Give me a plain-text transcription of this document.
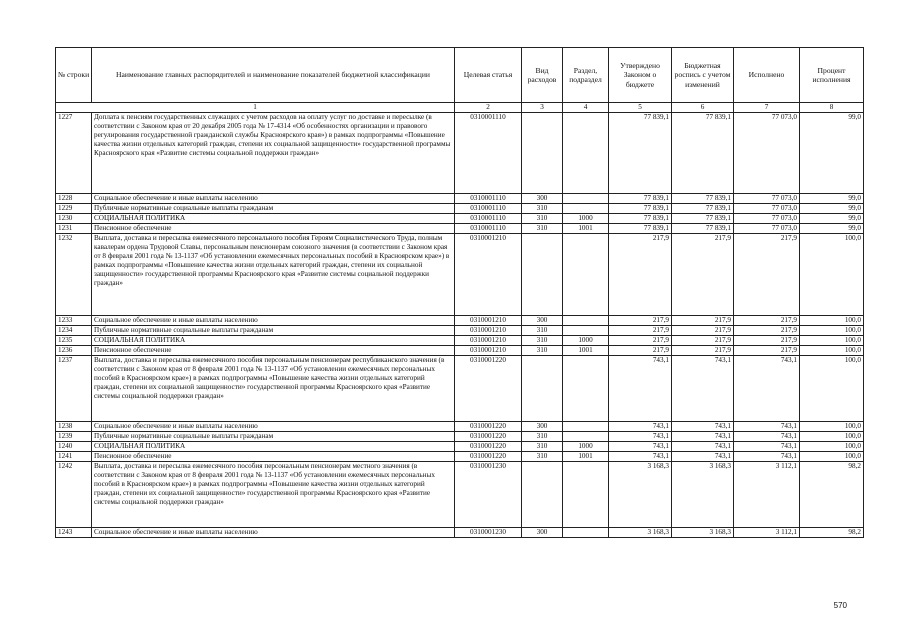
№ строки	Наименование главных распорядителей и наименование показателей бюджетной классификации	Целевая статья	Вид расходов	Раздел, подраздел	Утверждено Законом о бюджете	Бюджетная роспись с учетом изменений	Исполнено	Процент исполнения
1		2	3	4	5	6	7	8
1227	Доплата к пенсиям государственных служащих с учетом расходов на оплату услуг по доставке и пересылке (в соответствии с Законом края от 20 декабря 2005 года № 17-4314 «Об особенностях организации и правового регулирования государственной гражданской службы Красноярского края») в рамках подпрограммы «Повышение качества жизни отдельных категорий граждан, степени их социальной защищенности» государственной программы Красноярского края «Развитие системы социальной поддержки граждан»	0310001110			77 839,1	77 839,1	77 073,0	99,0
1228	Социальное обеспечение и иные выплаты населению	0310001110	300		77 839,1	77 839,1	77 073,0	99,0
1229	Публичные нормативные социальные выплаты гражданам	0310001110	310		77 839,1	77 839,1	77 073,0	99,0
1230	СОЦИАЛЬНАЯ ПОЛИТИКА	0310001110	310	1000	77 839,1	77 839,1	77 073,0	99,0
1231	Пенсионное обеспечение	0310001110	310	1001	77 839,1	77 839,1	77 073,0	99,0
1232	Выплата, доставка и пересылка ежемесячного персонального пособия Героям Социалистического Труда, полным кавалерам ордена Трудовой Славы, персональным пенсионерам союзного значения (в соответствии с Законом края от 8 февраля 2001 года № 13-1137 «Об установлении ежемесячных персональных пособий в Красноярском крае») в рамках подпрограммы «Повышение качества жизни отдельных категорий граждан, степени их социальной защищенности» государственной программы Красноярского края «Развитие системы социальной поддержки граждан»	0310001210			217,9	217,9	217,9	100,0
1233	Социальное обеспечение и иные выплаты населению	0310001210	300		217,9	217,9	217,9	100,0
1234	Публичные нормативные социальные выплаты гражданам	0310001210	310		217,9	217,9	217,9	100,0
1235	СОЦИАЛЬНАЯ ПОЛИТИКА	0310001210	310	1000	217,9	217,9	217,9	100,0
1236	Пенсионное обеспечение	0310001210	310	1001	217,9	217,9	217,9	100,0
1237	Выплата, доставка и пересылка ежемесячного пособия персональным пенсионерам республиканского значения (в соответствии с Законом края от 8 февраля 2001 года № 13-1137 «Об установлении ежемесячных персональных пособий в Красноярском крае») в рамках подпрограммы «Повышение качества жизни отдельных категорий граждан, степени их социальной защищенности» государственной программы Красноярского края «Развитие системы социальной поддержки граждан»	0310001220			743,1	743,1	743,1	100,0
1238	Социальное обеспечение и иные выплаты населению	0310001220	300		743,1	743,1	743,1	100,0
1239	Публичные нормативные социальные выплаты гражданам	0310001220	310		743,1	743,1	743,1	100,0
1240	СОЦИАЛЬНАЯ ПОЛИТИКА	0310001220	310	1000	743,1	743,1	743,1	100,0
1241	Пенсионное обеспечение	0310001220	310	1001	743,1	743,1	743,1	100,0
1242	Выплата, доставка и пересылка ежемесячного пособия персональным пенсионерам местного значения (в соответствии с Законом края от 8 февраля 2001 года № 13-1137 «Об установлении ежемесячных персональных пособий в Красноярском крае») в рамках подпрограммы «Повышение качества жизни отдельных категорий граждан, степени их социальной защищенности» государственной программы Красноярского края «Развитие системы социальной поддержки граждан»	0310001230			3 168,3	3 168,3	3 112,1	98,2
1243	Социальное обеспечение и иные выплаты населению	0310001230	300		3 168,3	3 168,3	3 112,1	98,2
570
